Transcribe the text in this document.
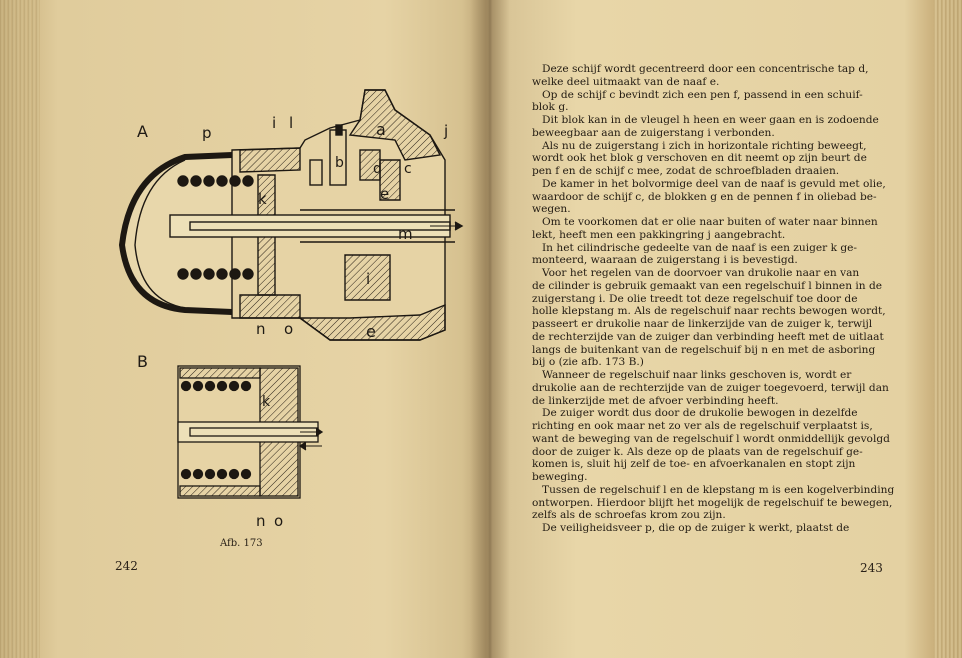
A	p
i l	a	j
b d c
e
k
m
i
n o	e
B
k
n o
Afb. 173
242
Deze schijf wordt gecentreerd door een concentrische tap d,
welke deel uitmaakt van de naaf e.
Op de schijf c bevindt zich een pen f, passend in een schuif-
blok g.
Dit blok kan in de vleugel h heen en weer gaan en is zodoende
beweegbaar aan de zuigerstang i verbonden.
Als nu de zuigerstang i zich in horizontale richting beweegt,
wordt ook het blok g verschoven en dit neemt op zijn beurt de
pen f en de schijf c mee, zodat de schroefbladen draaien.
De kamer in het bolvormige deel van de naaf is gevuld met olie,
waardoor de schijf c, de blokken g en de pennen f in oliebad be-
wegen.
Om te voorkomen dat er olie naar buiten of water naar binnen
lekt, heeft men een pakkingring j aangebracht.
In het cilindrische gedeelte van de naaf is een zuiger k ge-
monteerd, waaraan de zuigerstang i is bevestigd.
Voor het regelen van de doorvoer van drukolie naar en van
de cilinder is gebruik gemaakt van een regelschuif l binnen in de
zuigerstang i. De olie treedt tot deze regelschuif toe door de
holle klepstang m. Als de regelschuif naar rechts bewogen wordt,
passeert er drukolie naar de linkerzijde van de zuiger k, terwijl
de rechterzijde van de zuiger dan verbinding heeft met de uitlaat
langs de buitenkant van de regelschuif bij n en met de asboring
bij o (zie afb. 173 B.)
Wanneer de regelschuif naar links geschoven is, wordt er
drukolie aan de rechterzijde van de zuiger toegevoerd, terwijl dan
de linkerzijde met de afvoer verbinding heeft.
De zuiger wordt dus door de drukolie bewogen in dezelfde
richting en ook maar net zo ver als de regelschuif verplaatst is,
want de beweging van de regelschuif l wordt onmiddellijk gevolgd
door de zuiger k. Als deze op de plaats van de regelschuif ge-
komen is, sluit hij zelf de toe- en afvoerkanalen en stopt zijn
beweging.
Tussen de regelschuif l en de klepstang m is een kogelverbinding
ontworpen. Hierdoor blijft het mogelijk de regelschuif te bewegen,
zelfs als de schroefas krom zou zijn.
De veiligheidsveer p, die op de zuiger k werkt, plaatst de
243
